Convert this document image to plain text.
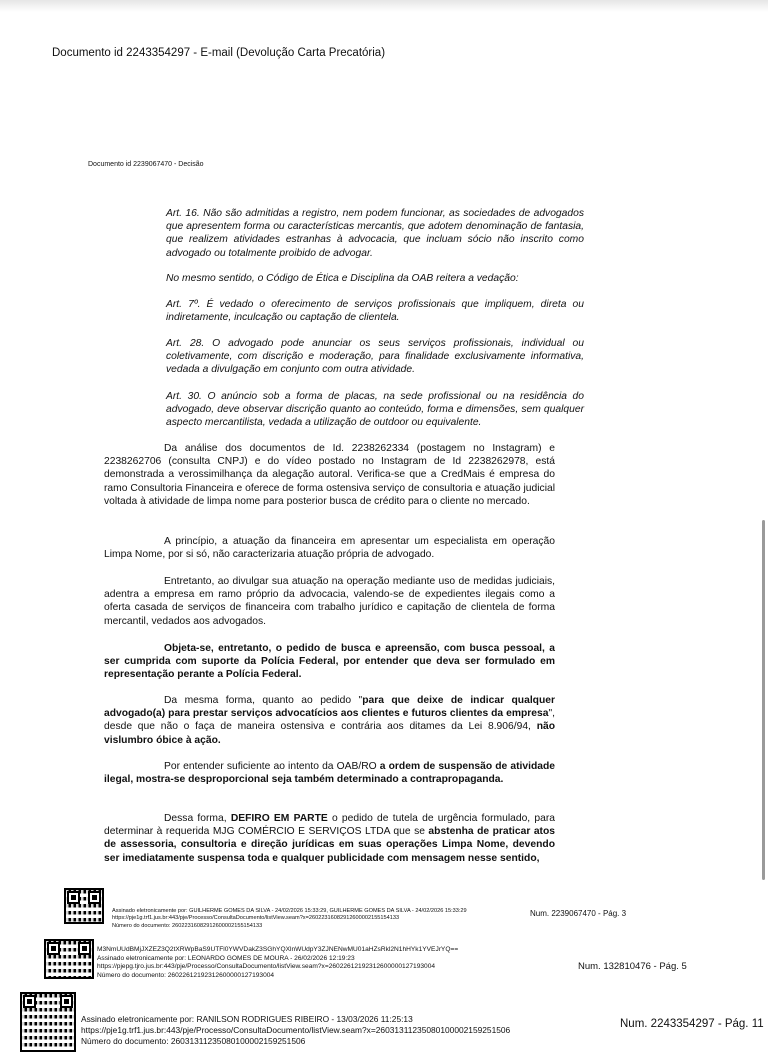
Documento id 2243354297 - E-mail (Devolução Carta Precatória)
Documento id 2239067470 - Decisão
Art. 16. Não são admitidas a registro, nem podem funcionar, as sociedades de advogados que apresentem forma ou características mercantis, que adotem denominação de fantasia, que realizem atividades estranhas à advocacia, que incluam sócio não inscrito como advogado ou totalmente proibido de advogar.
No mesmo sentido, o Código de Ética e Disciplina da OAB reitera a vedação:
Art. 7º. É vedado o oferecimento de serviços profissionais que impliquem, direta ou indiretamente, inculcação ou captação de clientela.
Art. 28. O advogado pode anunciar os seus serviços profissionais, individual ou coletivamente, com discrição e moderação, para finalidade exclusivamente informativa, vedada a divulgação em conjunto com outra atividade.
Art. 30. O anúncio sob a forma de placas, na sede profissional ou na residência do advogado, deve observar discrição quanto ao conteúdo, forma e dimensões, sem qualquer aspecto mercantilista, vedada a utilização de outdoor ou equivalente.
Da análise dos documentos de Id. 2238262334 (postagem no Instagram) e 2238262706 (consulta CNPJ) e do vídeo postado no Instagram de Id 2238262978, está demonstrada a verossimilhança da alegação autoral. Verifica-se que a CredMais é empresa do ramo Consultoria Financeira e oferece de forma ostensiva serviço de consultoria e atuação judicial voltada à atividade de limpa nome para posterior busca de crédito para o cliente no mercado.
A princípio, a atuação da financeira em apresentar um especialista em operação Limpa Nome, por si só, não caracterizaria atuação própria de advogado.
Entretanto, ao divulgar sua atuação na operação mediante uso de medidas judiciais, adentra a empresa em ramo próprio da advocacia, valendo-se de expedientes ilegais como a oferta casada de serviços de financeira com trabalho jurídico e capitação de clientela de forma mercantil, vedados aos advogados.
Objeta-se, entretanto, o pedido de busca e apreensão, com busca pessoal, a ser cumprida com suporte da Polícia Federal, por entender que deva ser formulado em representação perante a Polícia Federal.
Da mesma forma, quanto ao pedido "para que deixe de indicar qualquer advogado(a) para prestar serviços advocatícios aos clientes e futuros clientes da empresa", desde que não o faça de maneira ostensiva e contrária aos ditames da Lei 8.906/94, não vislumbro óbice à ação.
Por entender suficiente ao intento da OAB/RO a ordem de suspensão de atividade ilegal, mostra-se desproporcional seja também determinado a contrapropaganda.
Dessa forma, DEFIRO EM PARTE o pedido de tutela de urgência formulado, para determinar à requerida MJG COMÉRCIO E SERVIÇOS LTDA que se abstenha de praticar atos de assessoria, consultoria e direção jurídicas em suas operações Limpa Nome, devendo ser imediatamente suspensa toda e qualquer publicidade com mensagem nesse sentido,
Assinado eletronicamente por: GUILHERME GOMES DA SILVA - 24/02/2026 15:33:29, GUILHERME GOMES DA SILVA - 24/02/2026 15:33:29
https://pje1g.trf1.jus.br:443/pje/Processo/ConsultaDocumento/listView.seam?x=26022316082912600002155154133
Número do documento: 26022316082912600002155154133
Num. 2239067470 - Pág. 3
M3NmUUdBMjJXZEZ3Q2tXRWpBaS9UTFl0YWVDakZ3SGhYQXlnWUdpY3ZJNENwMU01aHZsRkl2N1hHYk1YVEJrYQ==
Assinado eletronicamente por: LEONARDO GOMES DE MOURA - 26/02/2026 12:19:23
https://pjepg.tjro.jus.br:443/pje/Processo/ConsultaDocumento/listView.seam?x=26022612192312600000127193004
Número do documento: 26022612192312600000127193004
Num. 132810476 - Pág. 5
Assinado eletronicamente por: RANILSON RODRIGUES RIBEIRO - 13/03/2026 11:25:13
https://pje1g.trf1.jus.br:443/pje/Processo/ConsultaDocumento/listView.seam?x=26031311235080100002159251506
Número do documento: 26031311235080100002159251506
Num. 2243354297 - Pág. 11
